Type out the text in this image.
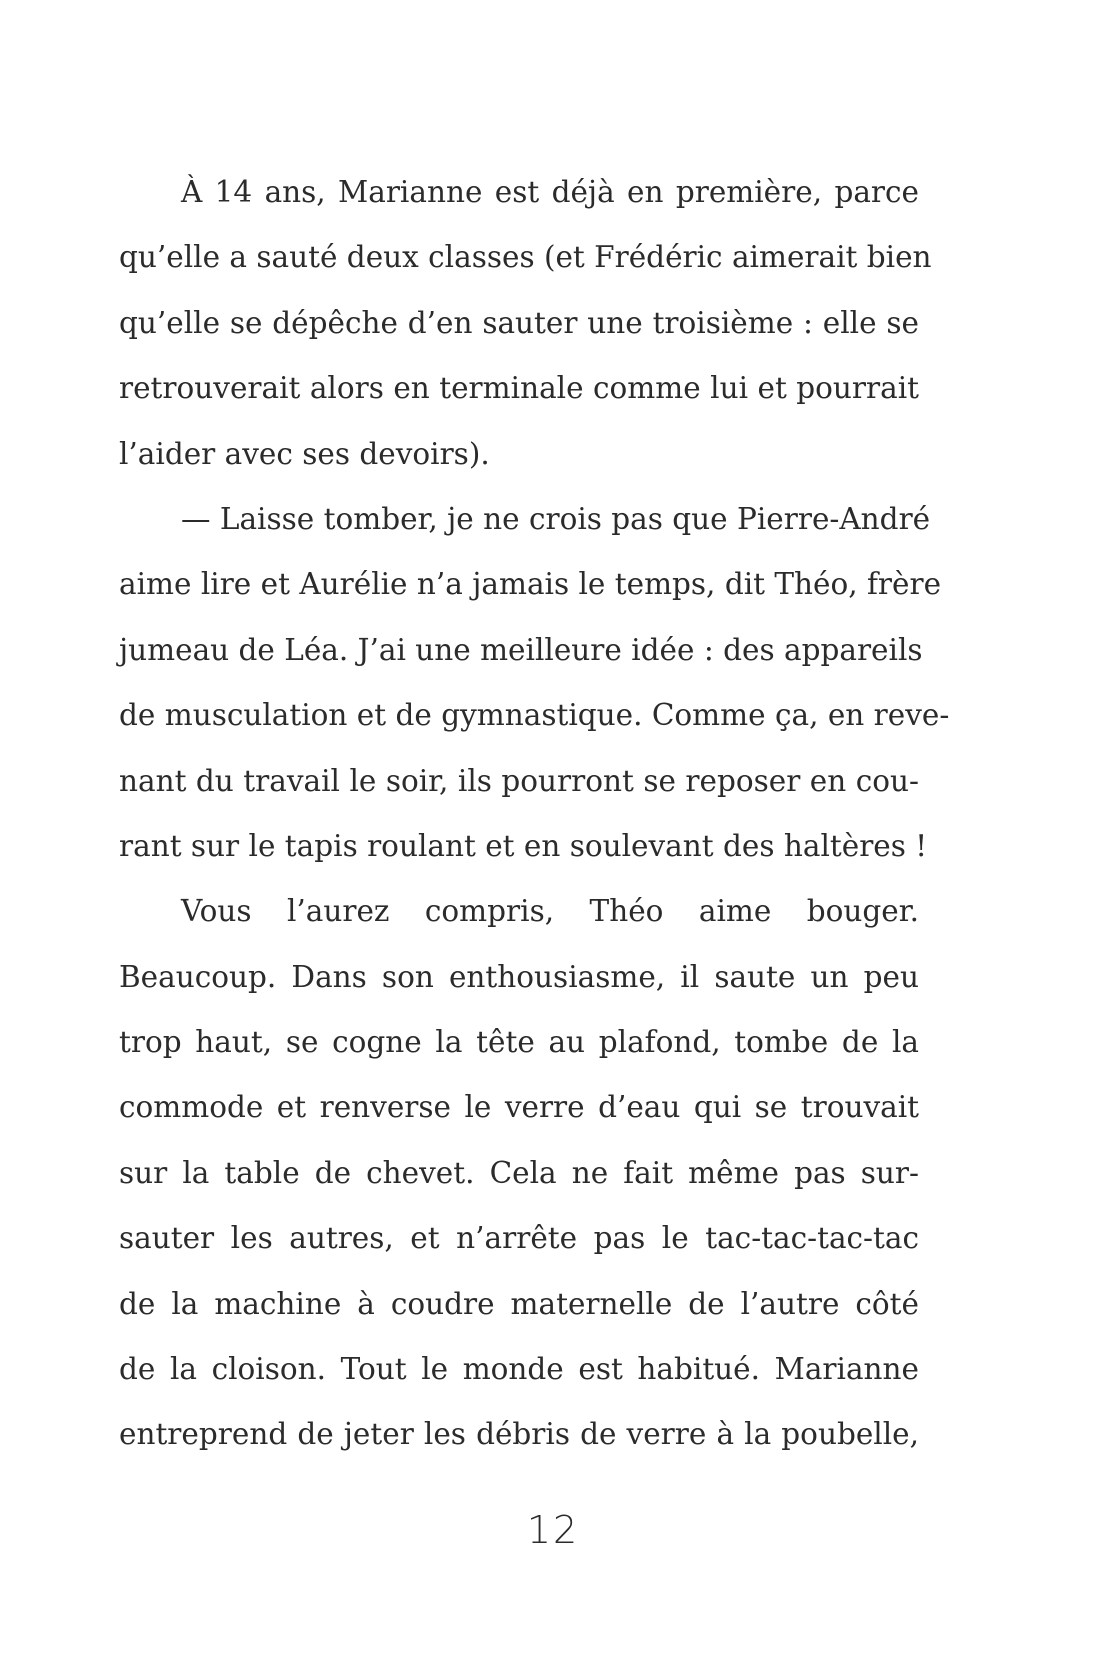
À 14 ans, Marianne est déjà en première, parce
qu’elle a sauté deux classes (et Frédéric aimerait bien
qu’elle se dépêche d’en sauter une troisième : elle se
retrouverait alors en terminale comme lui et pourrait
l’aider avec ses devoirs).
— Laisse tomber, je ne crois pas que Pierre-André
aime lire et Aurélie n’a jamais le temps, dit Théo, frère
jumeau de Léa. J’ai une meilleure idée : des appareils
de musculation et de gymnastique. Comme ça, en reve-
nant du travail le soir, ils pourront se reposer en cou-
rant sur le tapis roulant et en soulevant des haltères !
Vous l’aurez compris, Théo aime bouger.
Beaucoup. Dans son enthousiasme, il saute un peu
trop haut, se cogne la tête au plafond, tombe de la
commode et renverse le verre d’eau qui se trouvait
sur la table de chevet. Cela ne fait même pas sur-
sauter les autres, et n’arrête pas le tac-tac-tac-tac
de la machine à coudre maternelle de l’autre côté
de la cloison. Tout le monde est habitué. Marianne
entreprend de jeter les débris de verre à la poubelle,
12
